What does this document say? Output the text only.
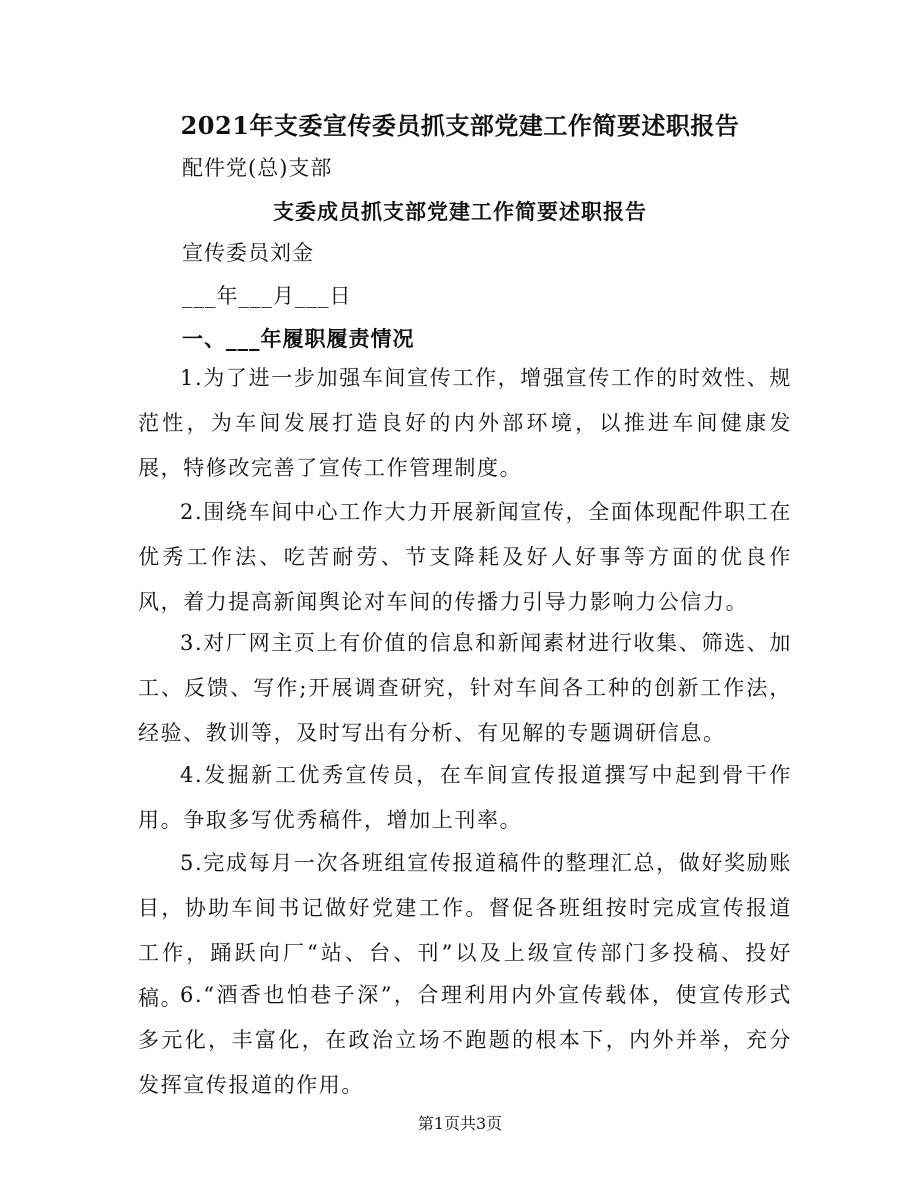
2021年支委宣传委员抓支部党建工作简要述职报告
配件党(总)支部
支委成员抓支部党建工作简要述职报告
宣传委员刘金
___年___月___日
一、___年履职履责情况
1.为了进一步加强车间宣传工作，增强宣传工作的时效性、规范性，为车间发展打造良好的内外部环境，以推进车间健康发展，特修改完善了宣传工作管理制度。
2.围绕车间中心工作大力开展新闻宣传，全面体现配件职工在优秀工作法、吃苦耐劳、节支降耗及好人好事等方面的优良作风，着力提高新闻舆论对车间的传播力引导力影响力公信力。
3.对厂网主页上有价值的信息和新闻素材进行收集、筛选、加工、反馈、写作;开展调查研究，针对车间各工种的创新工作法，经验、教训等，及时写出有分析、有见解的专题调研信息。
4.发掘新工优秀宣传员，在车间宣传报道撰写中起到骨干作用。争取多写优秀稿件，增加上刊率。
5.完成每月一次各班组宣传报道稿件的整理汇总，做好奖励账目，协助车间书记做好党建工作。督促各班组按时完成宣传报道工作，踊跃向厂“站、台、刊”以及上级宣传部门多投稿、投好稿。
6.“酒香也怕巷子深”，合理利用内外宣传载体，使宣传形式多元化，丰富化，在政治立场不跑题的根本下，内外并举，充分发挥宣传报道的作用。
第1页共3页
